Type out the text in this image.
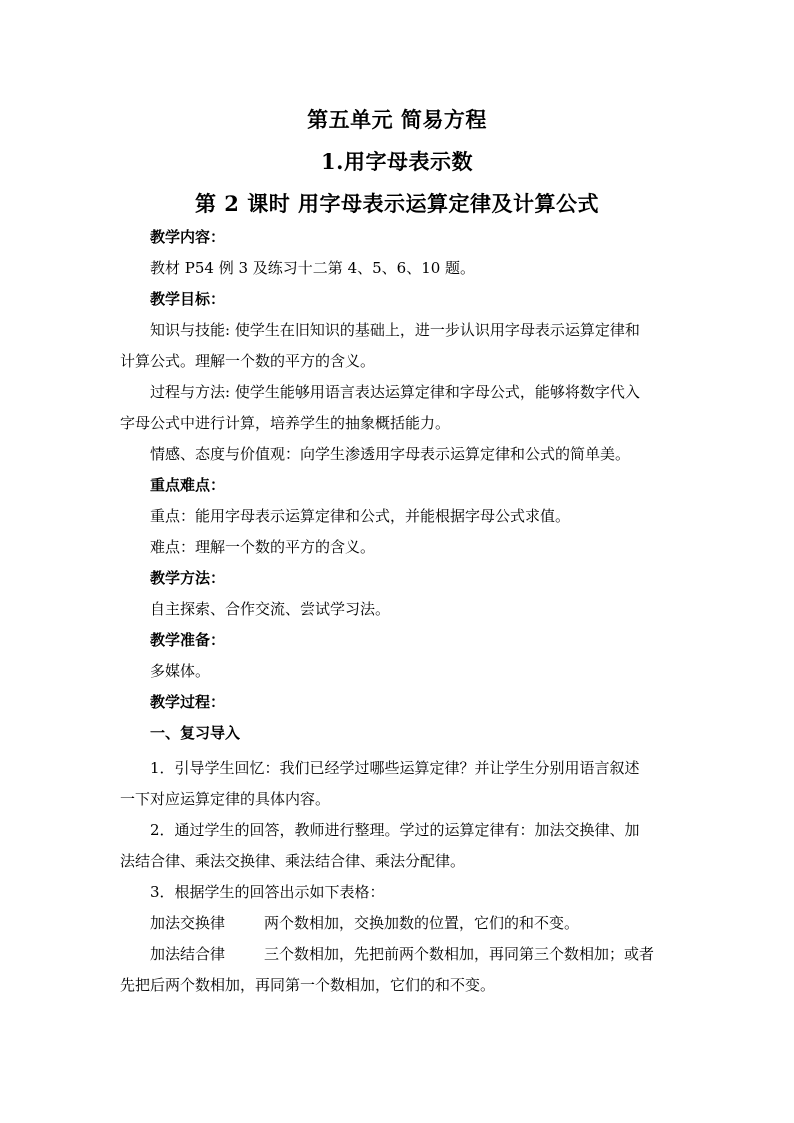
第五单元 简易方程
1.用字母表示数
第 2 课时 用字母表示运算定律及计算公式
教学内容：
教材 P54 例 3 及练习十二第 4、5、6、10 题。
教学目标：
知识与技能: 使学生在旧知识的基础上，进一步认识用字母表示运算定律和
计算公式。理解一个数的平方的含义。
过程与方法: 使学生能够用语言表达运算定律和字母公式，能够将数字代入
字母公式中进行计算，培养学生的抽象概括能力。
情感、态度与价值观：向学生渗透用字母表示运算定律和公式的简单美。
重点难点：
重点：能用字母表示运算定律和公式，并能根据字母公式求值。
难点：理解一个数的平方的含义。
教学方法：
自主探索、合作交流、尝试学习法。
教学准备：
多媒体。
教学过程：
一、复习导入
1．引导学生回忆：我们已经学过哪些运算定律？并让学生分别用语言叙述
一下对应运算定律的具体内容。
2．通过学生的回答，教师进行整理。学过的运算定律有：加法交换律、加
法结合律、乘法交换律、乘法结合律、乘法分配律。
3．根据学生的回答出示如下表格：
加法交换律	两个数相加，交换加数的位置，它们的和不变。
加法结合律	三个数相加，先把前两个数相加，再同第三个数相加；或者
先把后两个数相加，再同第一个数相加，它们的和不变。
